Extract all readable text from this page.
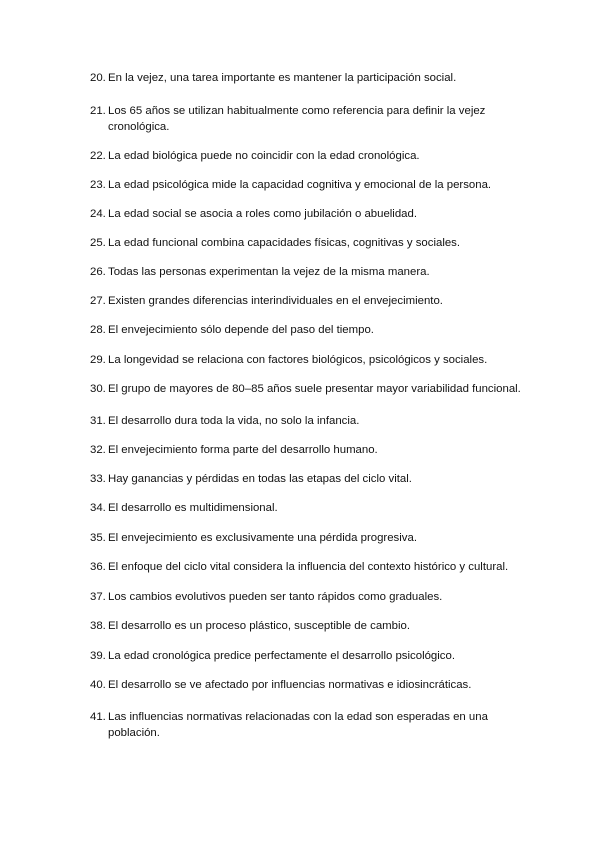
20. En la vejez, una tarea importante es mantener la participación social.
21. Los 65 años se utilizan habitualmente como referencia para definir la vejez cronológica.
22. La edad biológica puede no coincidir con la edad cronológica.
23. La edad psicológica mide la capacidad cognitiva y emocional de la persona.
24. La edad social se asocia a roles como jubilación o abuelidad.
25. La edad funcional combina capacidades físicas, cognitivas y sociales.
26. Todas las personas experimentan la vejez de la misma manera.
27. Existen grandes diferencias interindividuales en el envejecimiento.
28. El envejecimiento sólo depende del paso del tiempo.
29. La longevidad se relaciona con factores biológicos, psicológicos y sociales.
30. El grupo de mayores de 80–85 años suele presentar mayor variabilidad funcional.
31. El desarrollo dura toda la vida, no solo la infancia.
32. El envejecimiento forma parte del desarrollo humano.
33. Hay ganancias y pérdidas en todas las etapas del ciclo vital.
34. El desarrollo es multidimensional.
35. El envejecimiento es exclusivamente una pérdida progresiva.
36. El enfoque del ciclo vital considera la influencia del contexto histórico y cultural.
37. Los cambios evolutivos pueden ser tanto rápidos como graduales.
38. El desarrollo es un proceso plástico, susceptible de cambio.
39. La edad cronológica predice perfectamente el desarrollo psicológico.
40. El desarrollo se ve afectado por influencias normativas e idiosincráticas.
41. Las influencias normativas relacionadas con la edad son esperadas en una población.
